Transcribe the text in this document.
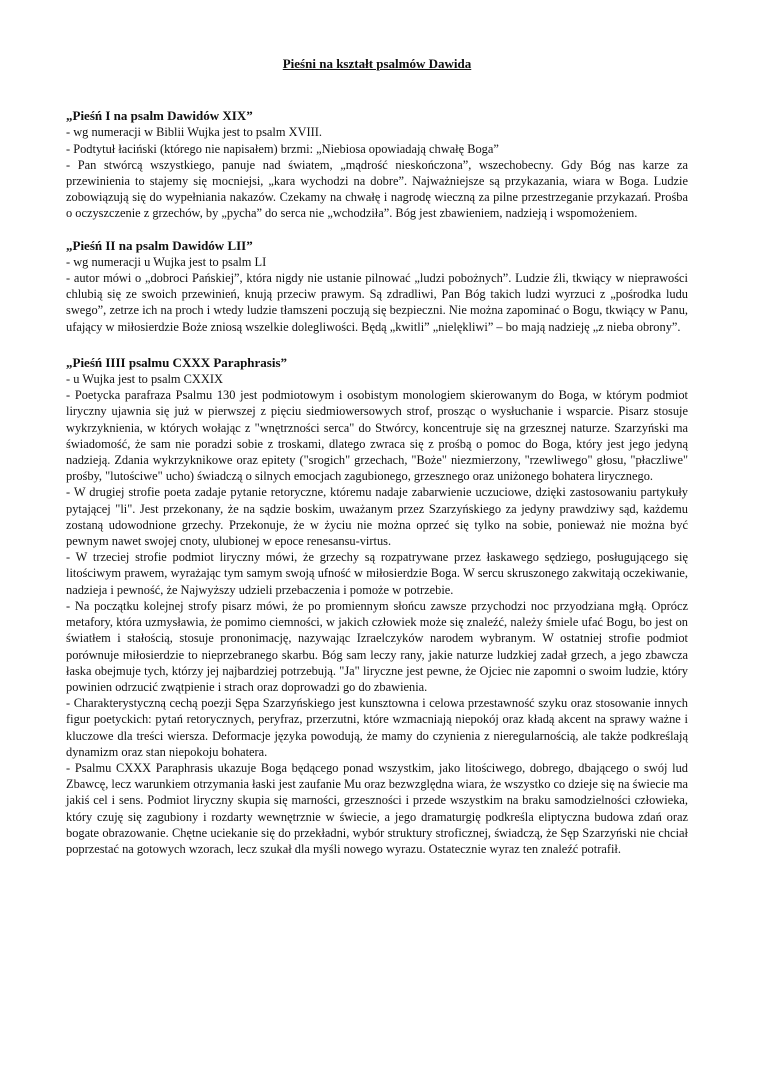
Pieśni na kształt psalmów Dawida
„Pieśń I na psalm Dawidów XIX”
- wg numeracji w Biblii Wujka jest to psalm XVIII.
- Podtytuł łaciński (którego nie napisałem) brzmi: „Niebiosa opowiadają chwałę Boga”
- Pan stwórcą wszystkiego, panuje nad światem, „mądrość nieskończona”, wszechobecny. Gdy Bóg nas karze za przewinienia to stajemy się mocniejsi, „kara wychodzi na dobre”. Najważniejsze są przykazania, wiara w Boga. Ludzie zobowiązują się do wypełniania nakazów. Czekamy na chwałę i nagrodę wieczną za pilne przestrzeganie przykazań. Prośba o oczyszczenie z grzechów, by „pycha” do serca nie „wchodziła”. Bóg jest zbawieniem, nadzieją i wspomożeniem.
„Pieśń II na psalm Dawidów LII”
- wg numeracji u Wujka jest to psalm LI
- autor mówi o „dobroci Pańskiej”, która nigdy nie ustanie pilnować „ludzi pobożnych”. Ludzie źli, tkwiący w nieprawości chlubią się ze swoich przewinień, knują przeciw prawym. Są zdradliwi, Pan Bóg takich ludzi wyrzuci z „pośrodka ludu swego”, zetrze ich na proch i wtedy ludzie tłamszeni poczują się bezpieczni. Nie można zapominać o Bogu, tkwiący w Panu, ufający w miłosierdzie Boże zniosą wszelkie dolegliwości. Będą „kwitli” „nielękliwi” – bo mają nadzieję „z nieba obrony”.
„Pieśń IIII psalmu CXXX Paraphrasis”
- u Wujka jest to psalm CXXIX
- Poetycka parafraza Psalmu 130 jest podmiotowym i osobistym monologiem skierowanym do Boga, w którym podmiot liryczny ujawnia się już w pierwszej z pięciu siedmiowersowych strof, prosząc o wysłuchanie i wsparcie. Pisarz stosuje wykrzyknienia, w których wołając z "wnętrzności serca" do Stwórcy, koncentruje się na grzesznej naturze. Szarzyński ma świadomość, że sam nie poradzi sobie z troskami, dlatego zwraca się z prośbą o pomoc do Boga, który jest jego jedyną nadzieją. Zdania wykrzyknikowe oraz epitety ("srogich" grzechach, "Boże" niezmierzony, "rzewliwego" głosu, "płaczliwe" prośby, "lutościwe" ucho) świadczą o silnych emocjach zagubionego, grzesznego oraz uniżonego bohatera lirycznego.
- W drugiej strofie poeta zadaje pytanie retoryczne, któremu nadaje zabarwienie uczuciowe, dzięki zastosowaniu partykuły pytającej "li". Jest przekonany, że na sądzie boskim, uważanym przez Szarzyńskiego za jedyny prawdziwy sąd, każdemu zostaną udowodnione grzechy. Przekonuje, że w życiu nie można oprzeć się tylko na sobie, ponieważ nie można być pewnym nawet swojej cnoty, ulubionej w epoce renesansu-virtus.
- W trzeciej strofie podmiot liryczny mówi, że grzechy są rozpatrywane przez łaskawego sędziego, posługującego się litościwym prawem, wyrażając tym samym swoją ufność w miłosierdzie Boga. W sercu skruszonego zakwitają oczekiwanie, nadzieja i pewność, że Najwyższy udzieli przebaczenia i pomoże w potrzebie.
- Na początku kolejnej strofy pisarz mówi, że po promiennym słońcu zawsze przychodzi noc przyodziana mgłą. Oprócz metafory, która uzmysławia, że pomimo ciemności, w jakich człowiek może się znaleźć, należy śmiele ufać Bogu, bo jest on światłem i stałością, stosuje prononimację, nazywając Izraelczyków narodem wybranym. W ostatniej strofie podmiot porównuje miłosierdzie to nieprzebranego skarbu. Bóg sam leczy rany, jakie naturze ludzkiej zadał grzech, a jego zbawcza łaska obejmuje tych, którzy jej najbardziej potrzebują. "Ja" liryczne jest pewne, że Ojciec nie zapomni o swoim ludzie, który powinien odrzucić zwątpienie i strach oraz doprowadzi go do zbawienia.
- Charakterystyczną cechą poezji Sępa Szarzyńskiego jest kunsztowna i celowa przestawność szyku oraz stosowanie innych figur poetyckich: pytań retorycznych, peryfraz, przerzutni, które wzmacniają niepokój oraz kładą akcent na sprawy ważne i kluczowe dla treści wiersza. Deformacje języka powodują, że mamy do czynienia z nieregularnością, ale także podkreślają dynamizm oraz stan niepokoju bohatera.
- Psalmu CXXX Paraphrasis ukazuje Boga będącego ponad wszystkim, jako litościwego, dobrego, dbającego o swój lud Zbawcę, lecz warunkiem otrzymania łaski jest zaufanie Mu oraz bezwzględna wiara, że wszystko co dzieje się na świecie ma jakiś cel i sens. Podmiot liryczny skupia się marności, grzeszności i przede wszystkim na braku samodzielności człowieka, który czuję się zagubiony i rozdarty wewnętrznie w świecie, a jego dramaturgię podkreśla eliptyczna budowa zdań oraz bogate obrazowanie. Chętne uciekanie się do przekładni, wybór struktury stroficznej, świadczą, że Sęp Szarzyński nie chciał poprzestać na gotowych wzorach, lecz szukał dla myśli nowego wyrazu. Ostatecznie wyraz ten znaleźć potrafił.
